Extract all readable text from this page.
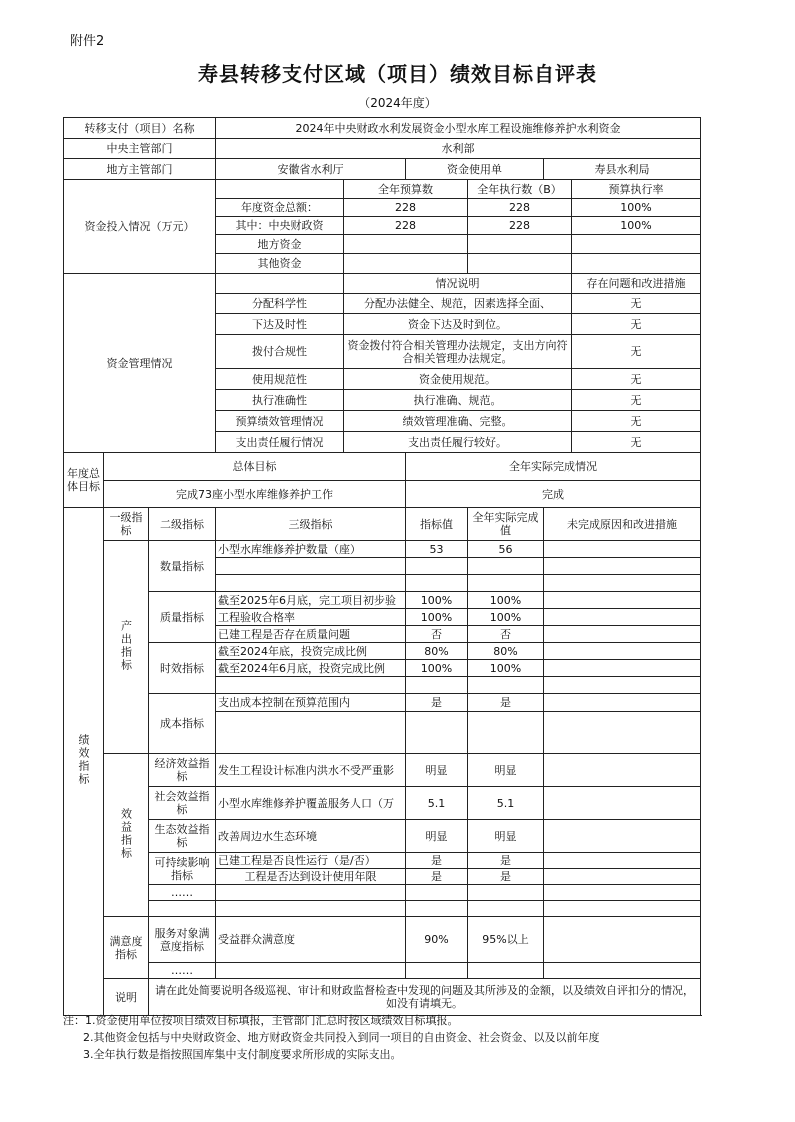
附件2
寿县转移支付区域（项目）绩效目标自评表
（2024年度）
转移支付（项目）名称			2024年中央财政水利发展资金小型水库工程设施维修养护水利资金					
中央主管部门			水利部					
地方主管部门			安徽省水利厅		资金使用单		寿县水利局	
资金投入情况（万元）				全年预算数		全年执行数（B）		预算执行率
			年度资金总额：	228		228		100%
			其中：中央财政资	228		228		100%
			地方资金					
			其他资金					
资金管理情况				情况说明				存在问题和改进措施
			分配科学性	分配办法健全、规范，因素选择全面、				无
			下达及时性	资金下达及时到位。				无
			拨付合规性	资金拨付符合相关管理办法规定，支出方向符合相关管理办法规定。				无
			使用规范性	资金使用规范。				无
			执行准确性	执行准确、规范。				无
			预算绩效管理情况	绩效管理准确、完整。				无
			支出责任履行情况	支出责任履行较好。				无
年度总体目标	总体目标				全年实际完成情况			
	完成73座小型水库维修养护工作				完成			
绩效指标	一级指标	二级指标	三级指标		指标值	全年实际完成值	未完成原因和改进措施	
	产出指标	数量指标	小型水库维修养护数量（座）		53	56		

		质量指标	截至2025年6月底，完工项目初步验		100%	100%		
			工程验收合格率		100%	100%		
			已建工程是否存在质量问题		否	否		
		时效指标	截至2024年底，投资完成比例		80%	80%		
			截至2024年6月底，投资完成比例		100%	100%		

		成本指标	支出成本控制在预算范围内		是	是		

	效益指标	经济效益指标	发生工程设计标准内洪水不受严重影		明显	明显		
		社会效益指标	小型水库维修养护覆盖服务人口（万		5.1	5.1		
		生态效益指标	改善周边水生态环境		明显	明显		
		可持续影响指标	已建工程是否良性运行（是/否）		是	是		
			工程是否达到设计使用年限		是	是		
		……						

	满意度指标	服务对象满意度指标	受益群众满意度		90%	95%以上		
		……						
	说明	请在此处简要说明各级巡视、审计和财政监督检查中发现的问题及其所涉及的金额，以及绩效自评扣分的情况，如没有请填无。						
注：1.资金使用单位按项目绩效目标填报，主管部门汇总时按区域绩效目标填报。
2.其他资金包括与中央财政资金、地方财政资金共同投入到同一项目的自由资金、社会资金、以及以前年度
3.全年执行数是指按照国库集中支付制度要求所形成的实际支出。
